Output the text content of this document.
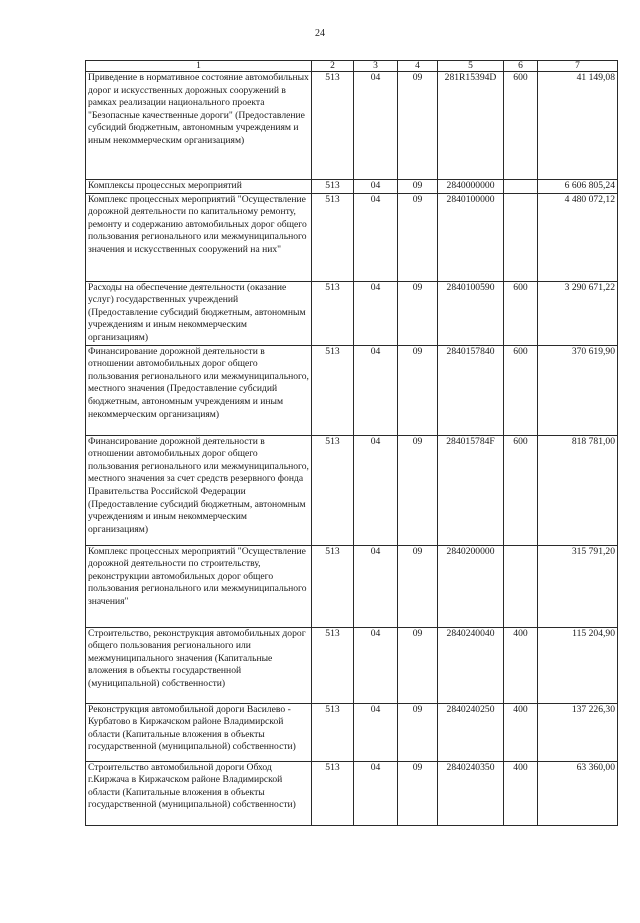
24
1	2	3	4	5	6	7
Приведение в нормативное состояние автомобильных дорог и искусственных дорожных сооружений в рамках реализации национального проекта "Безопасные качественные дороги" (Предоставление субсидий бюджетным, автономным учреждениям и иным некоммерческим организациям)	513	04	09	281R15394D	600	41 149,08
Комплексы процессных мероприятий	513	04	09	2840000000		6 606 805,24
Комплекс процессных мероприятий "Осуществление дорожной деятельности по капитальному ремонту, ремонту и содержанию автомобильных дорог общего пользования регионального или межмуниципального значения и искусственных сооружений на них"	513	04	09	2840100000		4 480 072,12
Расходы на обеспечение деятельности (оказание услуг) государственных учреждений (Предоставление субсидий бюджетным, автономным учреждениям и иным некоммерческим организациям)	513	04	09	2840100590	600	3 290 671,22
Финансирование дорожной деятельности в отношении автомобильных дорог общего пользования регионального или межмуниципального, местного значения (Предоставление субсидий бюджетным, автономным учреждениям и иным некоммерческим организациям)	513	04	09	2840157840	600	370 619,90
Финансирование дорожной деятельности в отношении автомобильных дорог общего пользования регионального или межмуниципального, местного значения за счет средств резервного фонда Правительства Российской Федерации (Предоставление субсидий бюджетным, автономным учреждениям и иным некоммерческим организациям)	513	04	09	284015784F	600	818 781,00
Комплекс процессных мероприятий "Осуществление дорожной деятельности по строительству, реконструкции автомобильных дорог общего пользования регионального или межмуниципального значения"	513	04	09	2840200000		315 791,20
Строительство, реконструкция автомобильных дорог общего пользования регионального или межмуниципального значения (Капитальные вложения в объекты государственной (муниципальной) собственности)	513	04	09	2840240040	400	115 204,90
Реконструкция автомобильной дороги Василево - Курбатово в Киржачском районе Владимирской области (Капитальные вложения в объекты государственной (муниципальной) собственности)	513	04	09	2840240250	400	137 226,30
Строительство автомобильной дороги Обход г.Киржача в Киржачском районе Владимирской области (Капитальные вложения в объекты государственной (муниципальной) собственности)	513	04	09	2840240350	400	63 360,00
